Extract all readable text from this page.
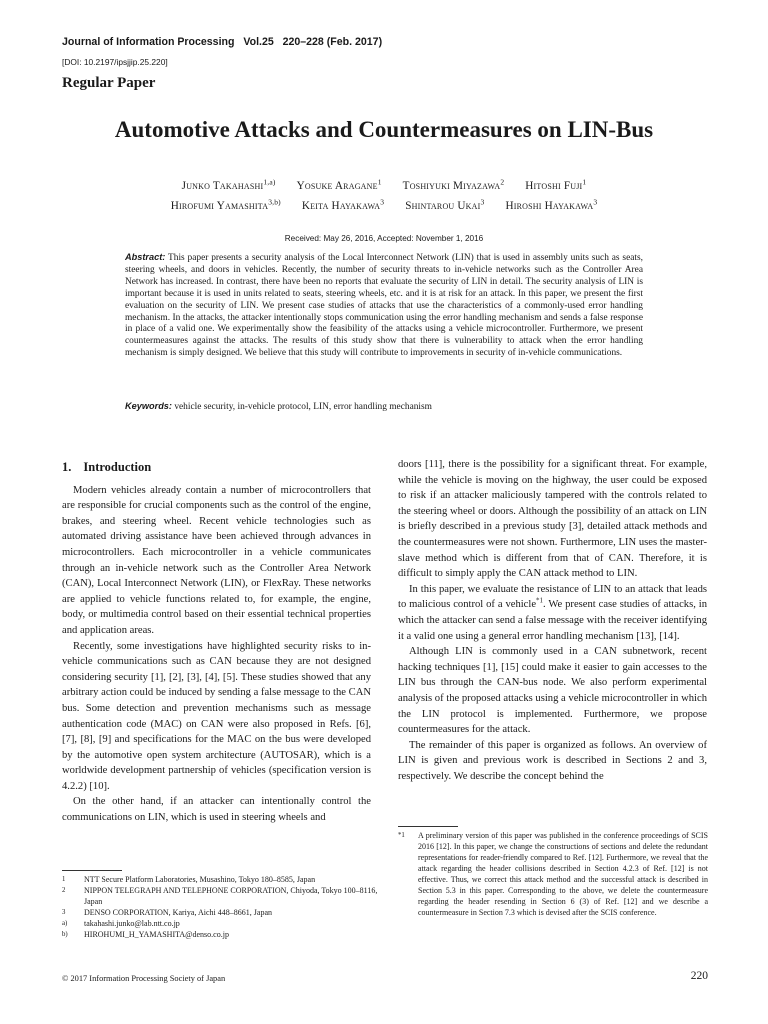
Journal of Information Processing Vol.25 220–228 (Feb. 2017)
[DOI: 10.2197/ipsjjip.25.220]
Regular Paper
Automotive Attacks and Countermeasures on LIN-Bus
Junko Takahashi$^{1,a)}$ Yosuke Aragane$^1$ Toshiyuki Miyazawa$^2$ Hitoshi Fuji$^1$
Hirofumi Yamashita$^{3,b)}$ Keita Hayakawa$^3$ Shintarou Ukai$^3$ Hiroshi Hayakawa$^3$
Received: May 26, 2016, Accepted: November 1, 2016

Abstract: This paper presents a security analysis of the Local Interconnect Network (LIN) that is used in assembly units such as seats, steering wheels, and doors in vehicles. Recently, the number of security threats to in-vehicle networks such as the Controller Area Network has increased. In contrast, there have been no reports that evaluate the security of LIN in detail. The security analysis of LIN is important because it is used in units related to seats, steering wheels, etc. and it is at risk for an attack. In this paper, we present the first evaluation on the security of LIN. We present case studies of attacks that use the characteristics of a commonly-used error handling mechanism. In the attacks, the attacker intentionally stops communication using the error handling mechanism and sends a false response in place of a valid one. We experimentally show the feasibility of the attacks using a vehicle microcontroller. Furthermore, we present countermeasures against the attacks. The results of this study show that there is vulnerability to attack when the error handling mechanism is simply designed. We believe that this study will contribute to improvements in security of in-vehicle communications.

Keywords: vehicle security, in-vehicle protocol, LIN, error handling mechanism

1. Introduction

Modern vehicles already contain a number of microcontrollers that are responsible for crucial components such as the control of the engine, brakes, and steering wheel. Recent vehicle technologies such as automated driving assistance have been achieved through advances in microcontrollers. Each microcontroller in a vehicle communicates through an in-vehicle network such as the Controller Area Network (CAN), Local Interconnect Network (LIN), or FlexRay. These networks are applied to vehicle functions related to, for example, the engine, body, or multimedia control based on their essential technical properties and application areas.

Recently, some investigations have highlighted security risks to in-vehicle communications such as CAN because they are not designed considering security [1], [2], [3], [4], [5]. These studies showed that any arbitrary action could be induced by sending a false message to the CAN bus. Some detection and prevention mechanisms such as message authentication code (MAC) on CAN were also proposed in Refs. [6], [7], [8], [9] and specifications for the MAC on the bus were developed by the automotive open system architecture (AUTOSAR), which is a worldwide development partnership of vehicles (specification version is 4.2.2) [10].

On the other hand, if an attacker can intentionally control the communications on LIN, which is used in steering wheels and

doors [11], there is the possibility for a significant threat. For example, while the vehicle is moving on the highway, the user could be exposed to risk if an attacker maliciously tampered with the controls related to the steering wheel or doors. Although the possibility of an attack on LIN is briefly described in a previous study [3], detailed attack methods and the countermeasures were not shown. Furthermore, LIN uses the master-slave method which is different from that of CAN. Therefore, it is difficult to simply apply the CAN attack method to LIN.

In this paper, we evaluate the resistance of LIN to an attack that leads to malicious control of a vehicle$^{*1}$. We present case studies of attacks, in which the attacker can send a false message with the receiver identifying it a valid one using a general error handling mechanism [13], [14].

Although LIN is commonly used in a CAN subnetwork, recent hacking techniques [1], [15] could make it easier to gain accesses to the LIN bus through the CAN-bus node. We also perform experimental analysis of the proposed attacks using a vehicle microcontroller in which the LIN protocol is implemented. Furthermore, we propose countermeasures for the attack.

The remainder of this paper is organized as follows. An overview of LIN is given and previous work is described in Sections 2 and 3, respectively. We describe the concept behind the

1	NTT Secure Platform Laboratories, Musashino, Tokyo 180–8585, Japan
2	NIPPON TELEGRAPH AND TELEPHONE CORPORATION, Chiyoda, Tokyo 100–8116, Japan
3	DENSO CORPORATION, Kariya, Aichi 448–8661, Japan
a)	takahashi.junko@lab.ntt.co.jp
b)	HIROHUMI_H_YAMASHITA@denso.co.jp
*1	A preliminary version of this paper was published in the conference proceedings of SCIS 2016 [12]. In this paper, we change the constructions of sections and delete the redundant representations for reader-friendly compared to Ref. [12]. Furthermore, we reveal that the attack regarding the header collisions described in Section 4.2.3 of Ref. [12] is not effective. Thus, we correct this attack method and the successful attack is described in Section 5.3 in this paper. Corresponding to the above, we delete the countermeasure regarding the header resending in Section 6 (3) of Ref. [12] and we describe a countermeasure in Section 7.3 which is devised after the SCIS conference.
© 2017 Information Processing Society of Japan	220
